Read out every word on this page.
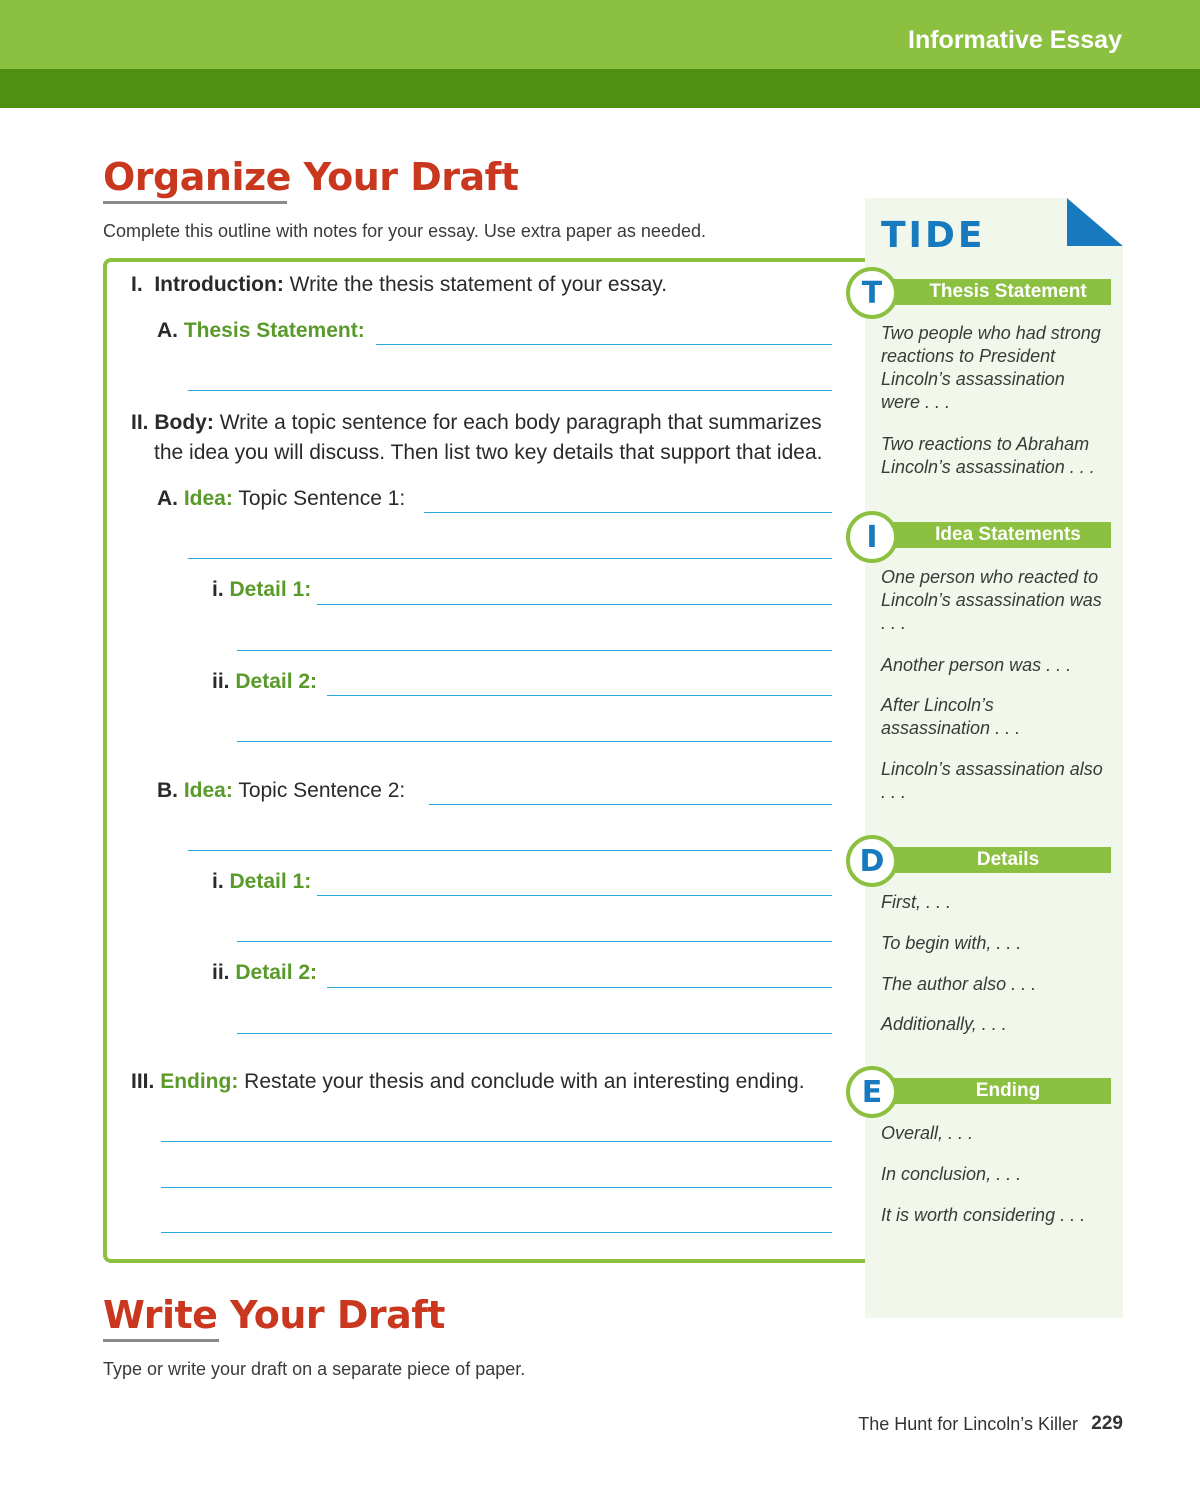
Informative Essay
Organize Your Draft
Complete this outline with notes for your essay. Use extra paper as needed.
I. Introduction: Write the thesis statement of your essay.
A. Thesis Statement:
II. Body: Write a topic sentence for each body paragraph that summarizes
the idea you will discuss. Then list two key details that support that idea.
A. Idea: Topic Sentence 1:
i. Detail 1:
ii. Detail 2:
B. Idea: Topic Sentence 2:
i. Detail 1:
ii. Detail 2:
III. Ending: Restate your thesis and conclude with an interesting ending.
TIDE
Thesis Statement
T
Two people who had strong reactions to President Lincoln’s assassination were . . .
Two reactions to Abraham Lincoln’s assassination . . .
Idea Statements
I
One person who reacted to Lincoln’s assassination was . . .
Another person was . . .
After Lincoln’s assassination . . .
Lincoln’s assassination also . . .
Details
D
First, . . .
To begin with, . . .
The author also . . .
Additionally, . . .
Ending
E
Overall, . . .
In conclusion, . . .
It is worth considering . . .
Write Your Draft
Type or write your draft on a separate piece of paper.
The Hunt for Lincoln’s Killer 229
